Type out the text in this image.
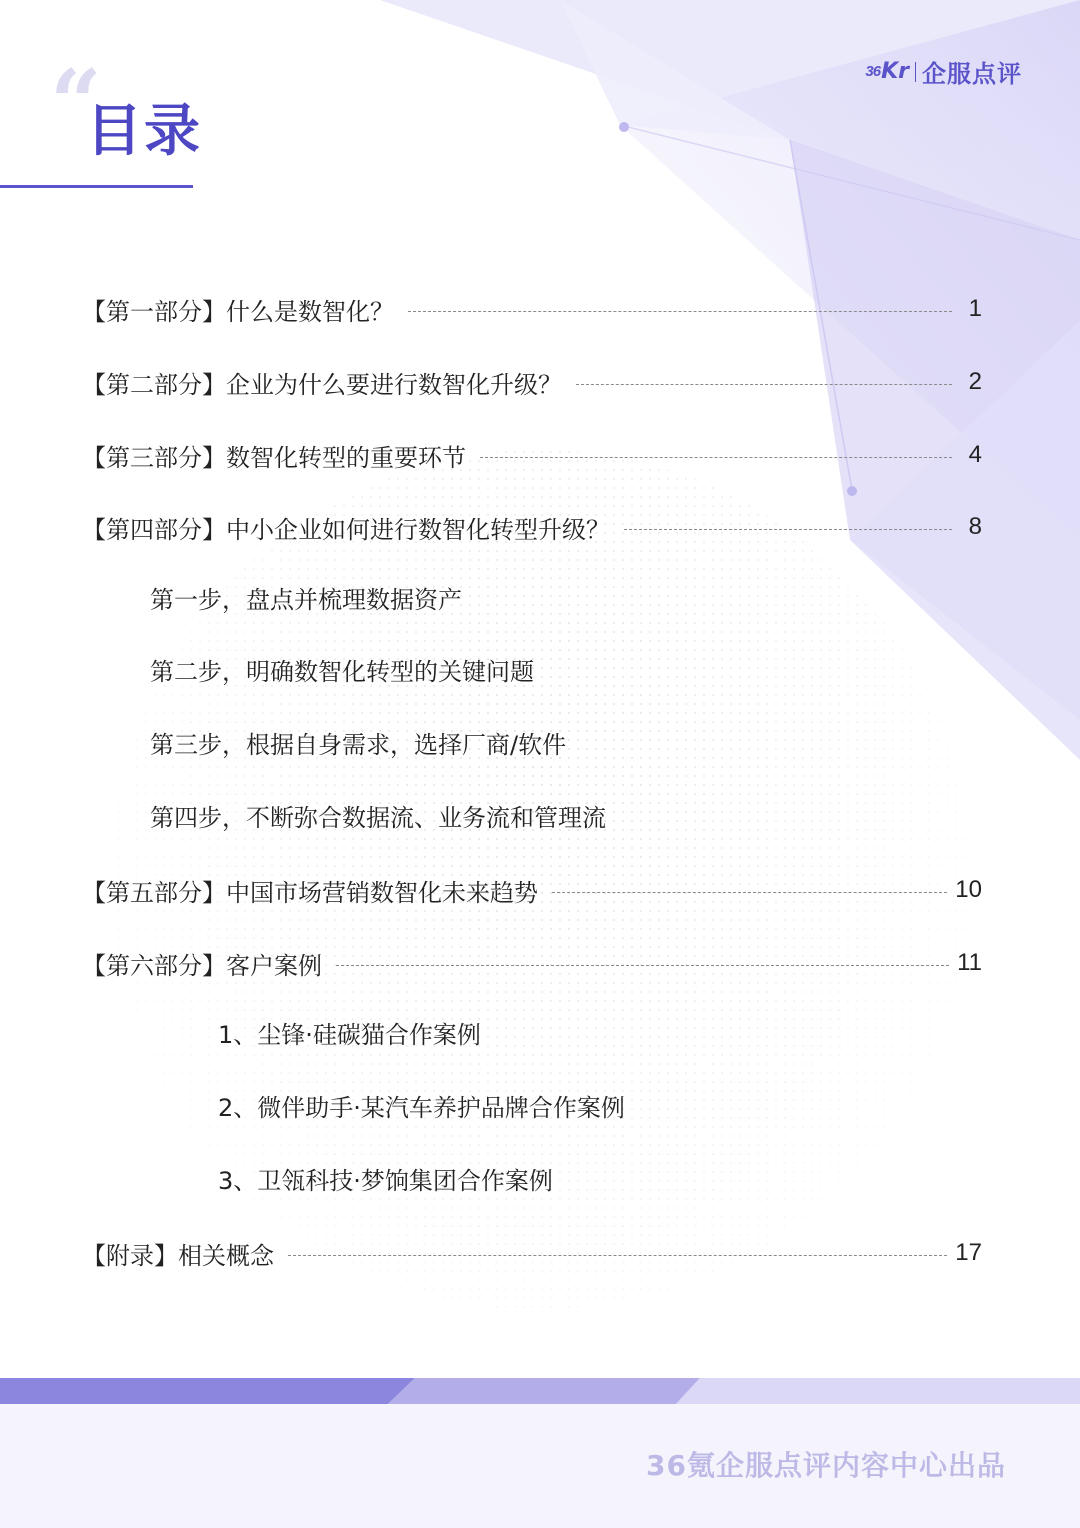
36 Kr 企服点评
“
目录
【第一部分】什么是数智化？	1
【第二部分】企业为什么要进行数智化升级？	2
【第三部分】数智化转型的重要环节	4
【第四部分】中小企业如何进行数智化转型升级？	8
第一步，盘点并梳理数据资产
第二步，明确数智化转型的关键问题
第三步，根据自身需求，选择厂商/软件
第四步，不断弥合数据流、业务流和管理流
【第五部分】中国市场营销数智化未来趋势	10
【第六部分】客户案例	11
1、尘锋·硅碳猫合作案例
2、微伴助手·某汽车养护品牌合作案例
3、卫瓴科技·梦饷集团合作案例
【附录】相关概念	17
36氪企服点评内容中心出品
